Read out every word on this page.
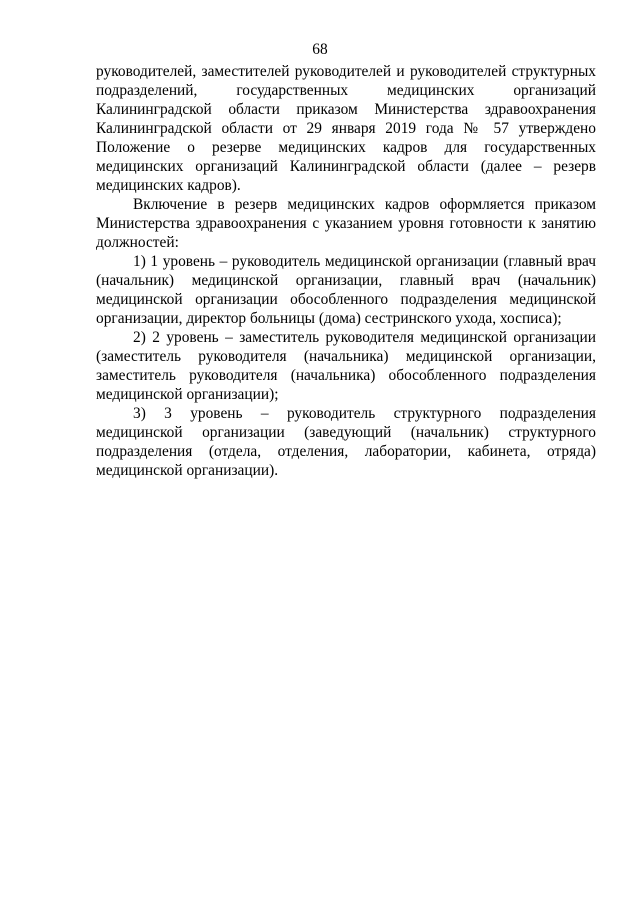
68

руководителей, заместителей руководителей и руководителей структурных подразделений, государственных медицинских организаций Калининградской области приказом Министерства здравоохранения Калининградской области от 29 января 2019 года № 57 утверждено Положение о резерве медицинских кадров для государственных медицинских организаций Калининградской области (далее – резерв медицинских кадров).

Включение в резерв медицинских кадров оформляется приказом Министерства здравоохранения с указанием уровня готовности к занятию должностей:

1) 1 уровень – руководитель медицинской организации (главный врач (начальник) медицинской организации, главный врач (начальник) медицинской организации обособленного подразделения медицинской организации, директор больницы (дома) сестринского ухода, хосписа);

2) 2 уровень – заместитель руководителя медицинской организации (заместитель руководителя (начальника) медицинской организации, заместитель руководителя (начальника) обособленного подразделения медицинской организации);

3) 3 уровень – руководитель структурного подразделения медицинской организации (заведующий (начальник) структурного подразделения (отдела, отделения, лаборатории, кабинета, отряда) медицинской организации).
